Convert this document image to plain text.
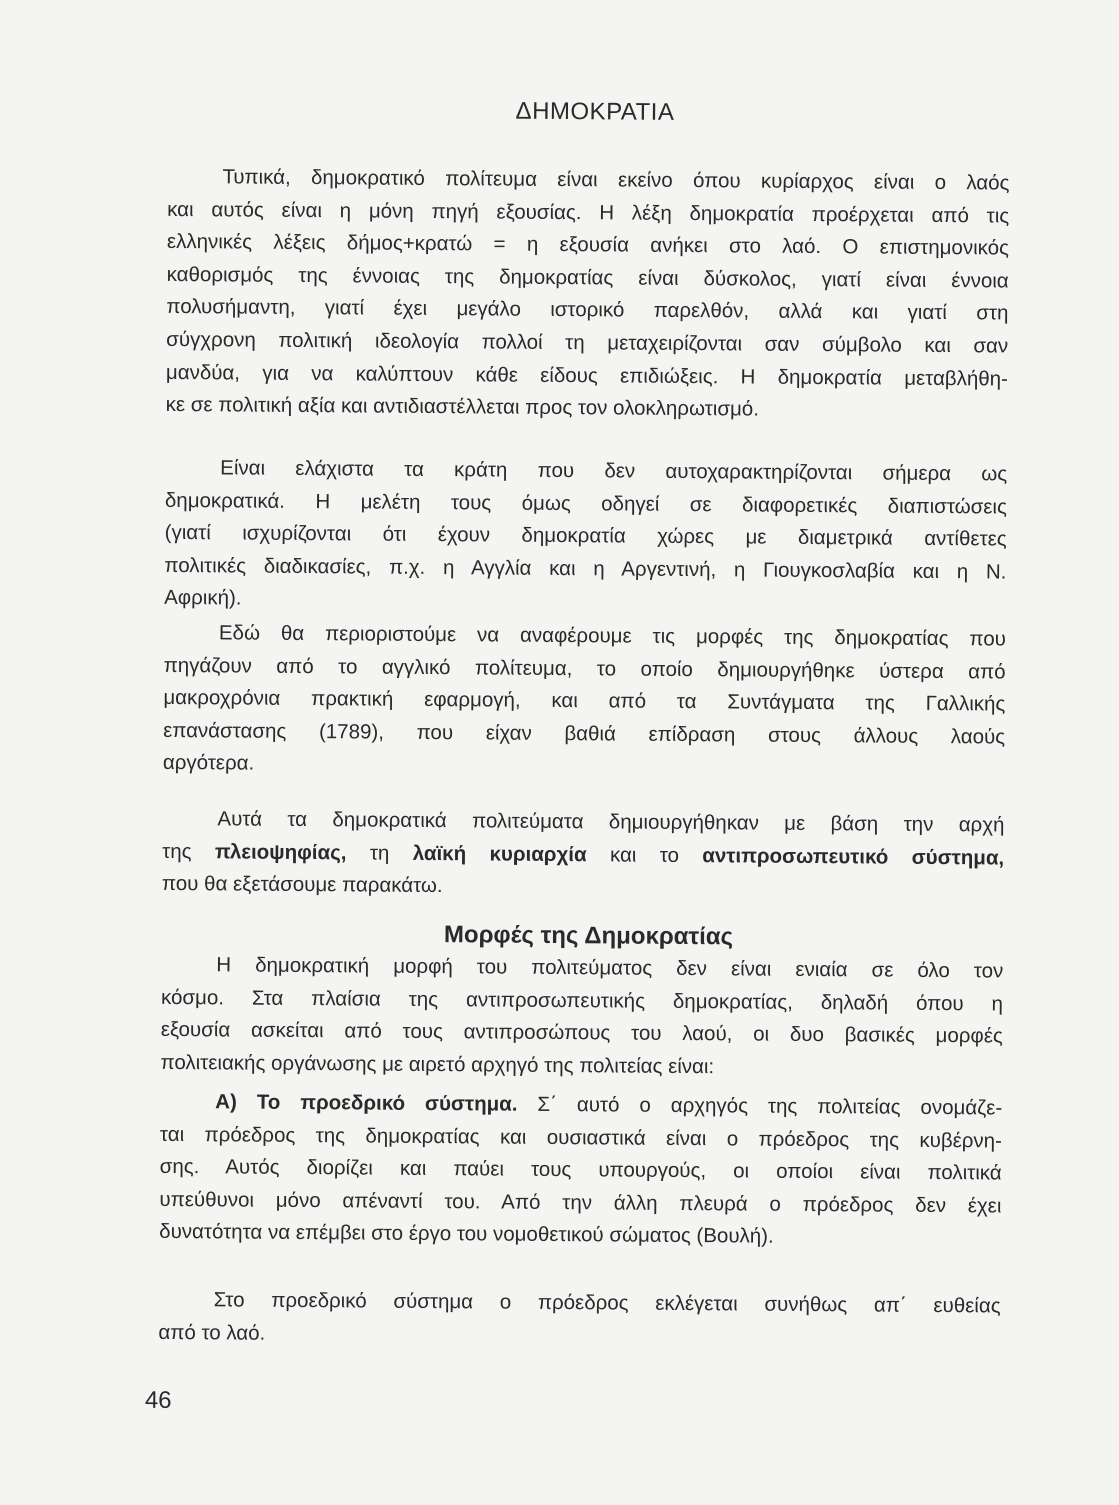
ΔΗΜΟΚΡΑΤΙΑ
Τυπικά, δημοκρατικό πολίτευμα είναι εκείνο όπου κυρίαρχος είναι ο λαός
και αυτός είναι η μόνη πηγή εξουσίας. Η λέξη δημοκρατία προέρχεται από τις
ελληνικές λέξεις δήμος+κρατώ = η εξουσία ανήκει στο λαό. Ο επιστημονικός
καθορισμός της έννοιας της δημοκρατίας είναι δύσκολος, γιατί είναι έννοια
πολυσήμαντη, γιατί έχει μεγάλο ιστορικό παρελθόν, αλλά και γιατί στη
σύγχρονη πολιτική ιδεολογία πολλοί τη μεταχειρίζονται σαν σύμβολο και σαν
μανδύα, για να καλύπτουν κάθε είδους επιδιώξεις. Η δημοκρατία μεταβλήθη-
κε σε πολιτική αξία και αντιδιαστέλλεται προς τον ολοκληρωτισμό.
Είναι ελάχιστα τα κράτη που δεν αυτοχαρακτηρίζονται σήμερα ως
δημοκρατικά. Η μελέτη τους όμως οδηγεί σε διαφορετικές διαπιστώσεις
(γιατί ισχυρίζονται ότι έχουν δημοκρατία χώρες με διαμετρικά αντίθετες
πολιτικές διαδικασίες, π.χ. η Αγγλία και η Αργεντινή, η Γιουγκοσλαβία και η Ν.
Αφρική).
Εδώ θα περιοριστούμε να αναφέρουμε τις μορφές της δημοκρατίας που
πηγάζουν από το αγγλικό πολίτευμα, το οποίο δημιουργήθηκε ύστερα από
μακροχρόνια πρακτική εφαρμογή, και από τα Συντάγματα της Γαλλικής
επανάστασης (1789), που είχαν βαθιά επίδραση στους άλλους λαούς
αργότερα.
Αυτά τα δημοκρατικά πολιτεύματα δημιουργήθηκαν με βάση την αρχή
της πλειοψηφίας, τη λαϊκή κυριαρχία και το αντιπροσωπευτικό σύστημα,
που θα εξετάσουμε παρακάτω.
Μορφές της Δημοκρατίας
Η δημοκρατική μορφή του πολιτεύματος δεν είναι ενιαία σε όλο τον
κόσμο. Στα πλαίσια της αντιπροσωπευτικής δημοκρατίας, δηλαδή όπου η
εξουσία ασκείται από τους αντιπροσώπους του λαού, οι δυο βασικές μορφές
πολιτειακής οργάνωσης με αιρετό αρχηγό της πολιτείας είναι:
Α) Το προεδρικό σύστημα. Σ΄ αυτό ο αρχηγός της πολιτείας ονομάζε-
ται πρόεδρος της δημοκρατίας και ουσιαστικά είναι ο πρόεδρος της κυβέρνη-
σης. Αυτός διορίζει και παύει τους υπουργούς, οι οποίοι είναι πολιτικά
υπεύθυνοι μόνο απέναντί του. Από την άλλη πλευρά ο πρόεδρος δεν έχει
δυνατότητα να επέμβει στο έργο του νομοθετικού σώματος (Βουλή).
Στο προεδρικό σύστημα ο πρόεδρος εκλέγεται συνήθως απ΄ ευθείας
από το λαό.
46
